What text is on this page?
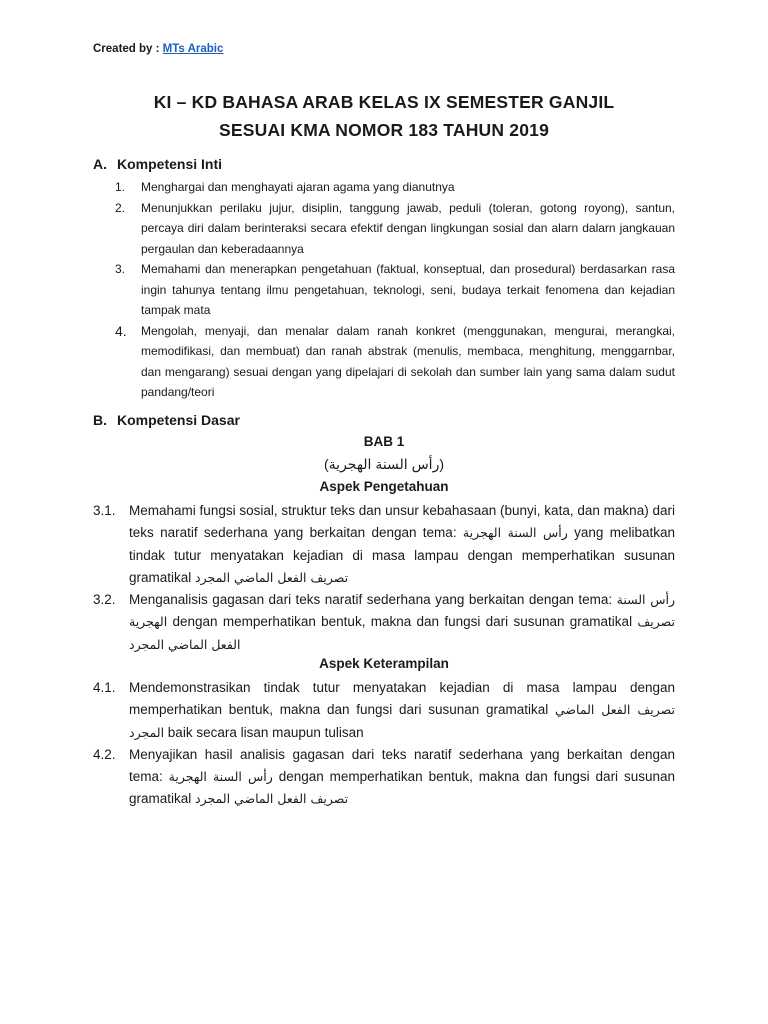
Created by : MTs Arabic
KI – KD BAHASA ARAB KELAS IX SEMESTER GANJIL
SESUAI KMA NOMOR 183 TAHUN 2019
A. Kompetensi Inti
1. Menghargai dan menghayati ajaran agama yang dianutnya
2. Menunjukkan perilaku jujur, disiplin, tanggung jawab, peduli (toleran, gotong royong), santun, percaya diri dalam berinteraksi secara efektif dengan lingkungan sosial dan alarn dalarn jangkauan pergaulan dan keberadaannya
3. Memahami dan menerapkan pengetahuan (faktual, konseptual, dan prosedural) berdasarkan rasa ingin tahunya tentang ilmu pengetahuan, teknologi, seni, budaya terkait fenomena dan kejadian tampak mata
4. Mengolah, menyaji, dan menalar dalam ranah konkret (menggunakan, mengurai, merangkai, memodifikasi, dan membuat) dan ranah abstrak (menulis, membaca, menghitung, menggarnbar, dan mengarang) sesuai dengan yang dipelajari di sekolah dan sumber lain yang sama dalam sudut pandang/teori
B. Kompetensi Dasar
BAB 1
(رأس السنة الهجرية)
Aspek Pengetahuan
3.1. Memahami fungsi sosial, struktur teks dan unsur kebahasaan (bunyi, kata, dan makna) dari teks naratif sederhana yang berkaitan dengan tema: رأس السنة الهجرية yang melibatkan tindak tutur menyatakan kejadian di masa lampau dengan memperhatikan susunan gramatikal تصريف الفعل الماضي المجرد
3.2. Menganalisis gagasan dari teks naratif sederhana yang berkaitan dengan tema: رأس السنة الهجرية dengan memperhatikan bentuk, makna dan fungsi dari susunan gramatikal تصريف الفعل الماضي المجرد
Aspek Keterampilan
4.1. Mendemonstrasikan tindak tutur menyatakan kejadian di masa lampau dengan memperhatikan bentuk, makna dan fungsi dari susunan gramatikal تصريف الفعل الماضي المجرد baik secara lisan maupun tulisan
4.2. Menyajikan hasil analisis gagasan dari teks naratif sederhana yang berkaitan dengan tema: رأس السنة الهجرية dengan memperhatikan bentuk, makna dan fungsi dari susunan gramatikal تصريف الفعل الماضي المجرد
